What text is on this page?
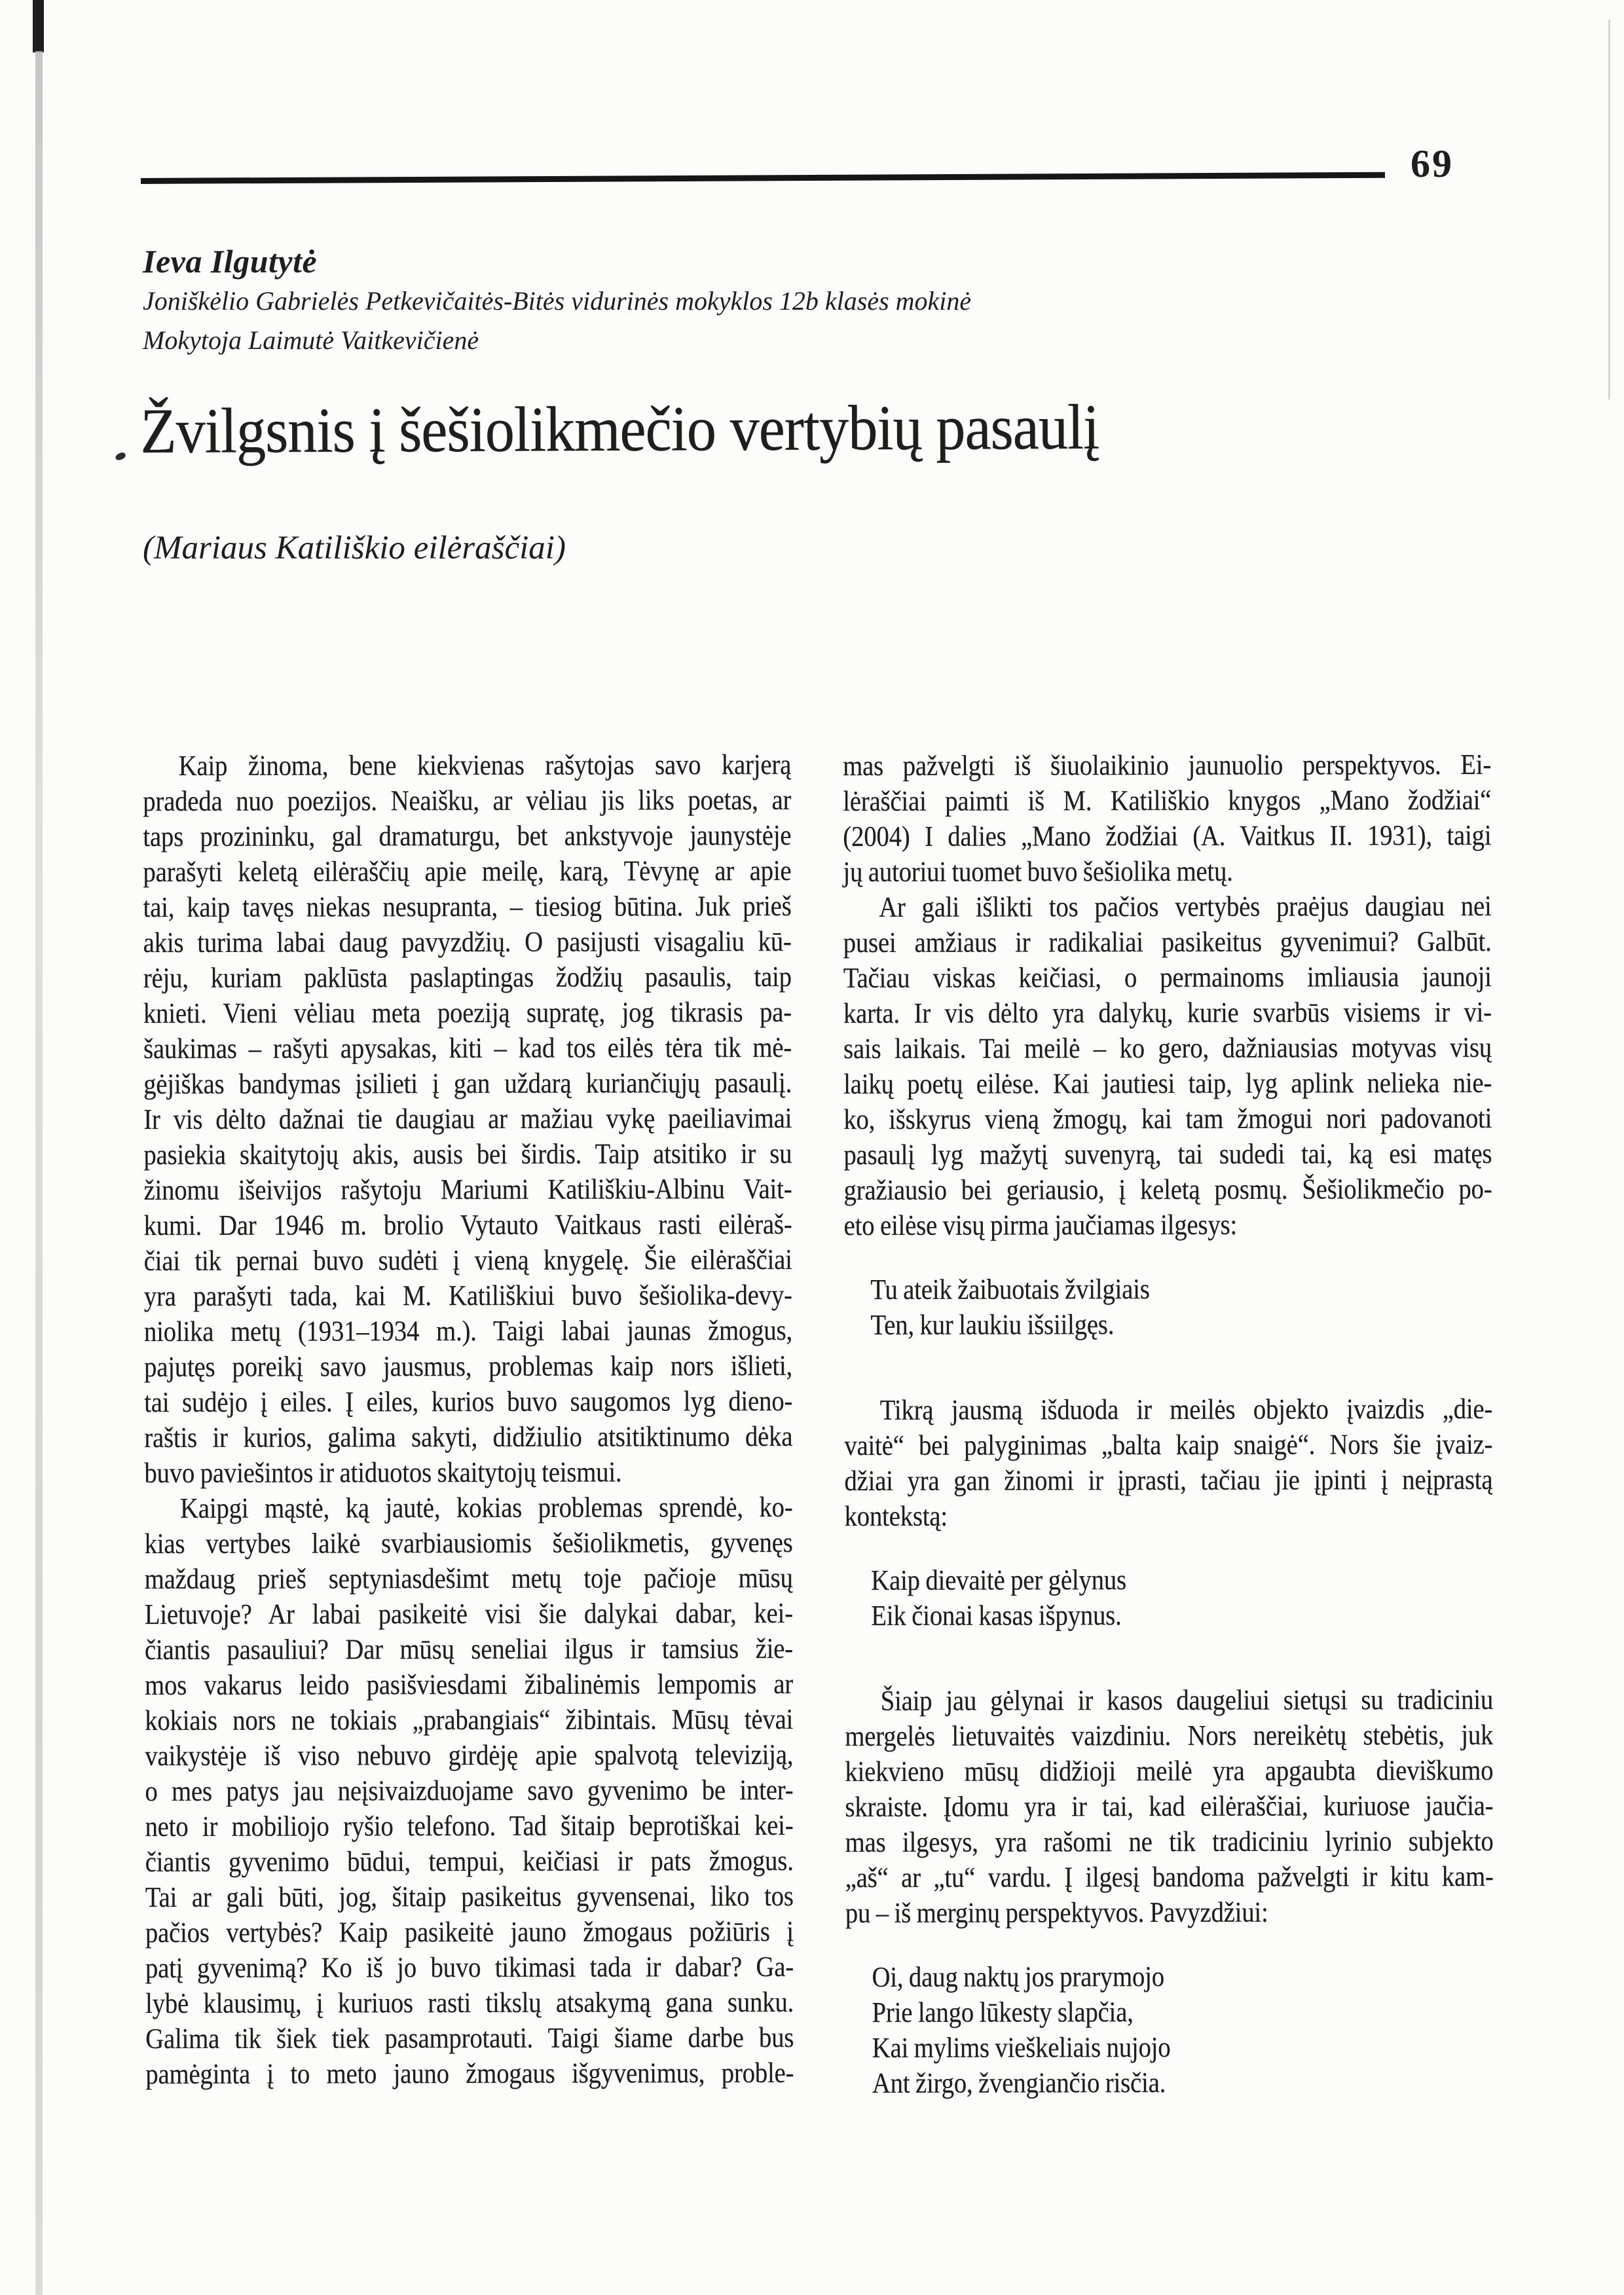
69
Ieva Ilgutytė
Joniškėlio Gabrielės Petkevičaitės-Bitės vidurinės mokyklos 12b klasės mokinė
Mokytoja Laimutė Vaitkevičienė
Žvilgsnis į šešiolikmečio vertybių pasaulį
(Mariaus Katiliškio eilėraščiai)
Kaip žinoma, bene kiekvienas rašytojas savo karjerą
pradeda nuo poezijos. Neaišku, ar vėliau jis liks poetas, ar
taps prozininku, gal dramaturgu, bet ankstyvoje jaunystėje
parašyti keletą eilėraščių apie meilę, karą, Tėvynę ar apie
tai, kaip tavęs niekas nesupranta, – tiesiog būtina. Juk prieš
akis turima labai daug pavyzdžių. O pasijusti visagaliu kū-
rėju, kuriam paklūsta paslaptingas žodžių pasaulis, taip
knieti. Vieni vėliau meta poeziją supratę, jog tikrasis pa-
šaukimas – rašyti apysakas, kiti – kad tos eilės tėra tik mė-
gėjiškas bandymas įsilieti į gan uždarą kuriančiųjų pasaulį.
Ir vis dėlto dažnai tie daugiau ar mažiau vykę paeiliavimai
pasiekia skaitytojų akis, ausis bei širdis. Taip atsitiko ir su
žinomu išeivijos rašytoju Mariumi Katiliškiu-Albinu Vait-
kumi. Dar 1946 m. brolio Vytauto Vaitkaus rasti eilėraš-
čiai tik pernai buvo sudėti į vieną knygelę. Šie eilėraščiai
yra parašyti tada, kai M. Katiliškiui buvo šešiolika-devy-
niolika metų (1931–1934 m.). Taigi labai jaunas žmogus,
pajutęs poreikį savo jausmus, problemas kaip nors išlieti,
tai sudėjo į eiles. Į eiles, kurios buvo saugomos lyg dieno-
raštis ir kurios, galima sakyti, didžiulio atsitiktinumo dėka
buvo paviešintos ir atiduotos skaitytojų teismui.
Kaipgi mąstė, ką jautė, kokias problemas sprendė, ko-
kias vertybes laikė svarbiausiomis šešiolikmetis, gyvenęs
maždaug prieš septyniasdešimt metų toje pačioje mūsų
Lietuvoje? Ar labai pasikeitė visi šie dalykai dabar, kei-
čiantis pasauliui? Dar mūsų seneliai ilgus ir tamsius žie-
mos vakarus leido pasišviesdami žibalinėmis lempomis ar
kokiais nors ne tokiais „prabangiais“ žibintais. Mūsų tėvai
vaikystėje iš viso nebuvo girdėję apie spalvotą televiziją,
o mes patys jau neįsivaizduojame savo gyvenimo be inter-
neto ir mobiliojo ryšio telefono. Tad šitaip beprotiškai kei-
čiantis gyvenimo būdui, tempui, keičiasi ir pats žmogus.
Tai ar gali būti, jog, šitaip pasikeitus gyvensenai, liko tos
pačios vertybės? Kaip pasikeitė jauno žmogaus požiūris į
patį gyvenimą? Ko iš jo buvo tikimasi tada ir dabar? Ga-
lybė klausimų, į kuriuos rasti tikslų atsakymą gana sunku.
Galima tik šiek tiek pasamprotauti. Taigi šiame darbe bus
pamėginta į to meto jauno žmogaus išgyvenimus, proble-
mas pažvelgti iš šiuolaikinio jaunuolio perspektyvos. Ei-
lėraščiai paimti iš M. Katiliškio knygos „Mano žodžiai“
(2004) I dalies „Mano žodžiai (A. Vaitkus II. 1931), taigi
jų autoriui tuomet buvo šešiolika metų.
Ar gali išlikti tos pačios vertybės praėjus daugiau nei
pusei amžiaus ir radikaliai pasikeitus gyvenimui? Galbūt.
Tačiau viskas keičiasi, o permainoms imliausia jaunoji
karta. Ir vis dėlto yra dalykų, kurie svarbūs visiems ir vi-
sais laikais. Tai meilė – ko gero, dažniausias motyvas visų
laikų poetų eilėse. Kai jautiesi taip, lyg aplink nelieka nie-
ko, išskyrus vieną žmogų, kai tam žmogui nori padovanoti
pasaulį lyg mažytį suvenyrą, tai sudedi tai, ką esi matęs
gražiausio bei geriausio, į keletą posmų. Šešiolikmečio po-
eto eilėse visų pirma jaučiamas ilgesys:
Tu ateik žaibuotais žvilgiais
Ten, kur laukiu išsiilgęs.
Tikrą jausmą išduoda ir meilės objekto įvaizdis „die-
vaitė“ bei palyginimas „balta kaip snaigė“. Nors šie įvaiz-
džiai yra gan žinomi ir įprasti, tačiau jie įpinti į neįprastą
kontekstą:
Kaip dievaitė per gėlynus
Eik čionai kasas išpynus.
Šiaip jau gėlynai ir kasos daugeliui sietųsi su tradiciniu
mergelės lietuvaitės vaizdiniu. Nors nereikėtų stebėtis, juk
kiekvieno mūsų didžioji meilė yra apgaubta dieviškumo
skraiste. Įdomu yra ir tai, kad eilėraščiai, kuriuose jaučia-
mas ilgesys, yra rašomi ne tik tradiciniu lyrinio subjekto
„aš“ ar „tu“ vardu. Į ilgesį bandoma pažvelgti ir kitu kam-
pu – iš merginų perspektyvos. Pavyzdžiui:
Oi, daug naktų jos prarymojo
Prie lango lūkesty slapčia,
Kai mylims vieškeliais nujojo
Ant žirgo, žvengiančio risčia.
